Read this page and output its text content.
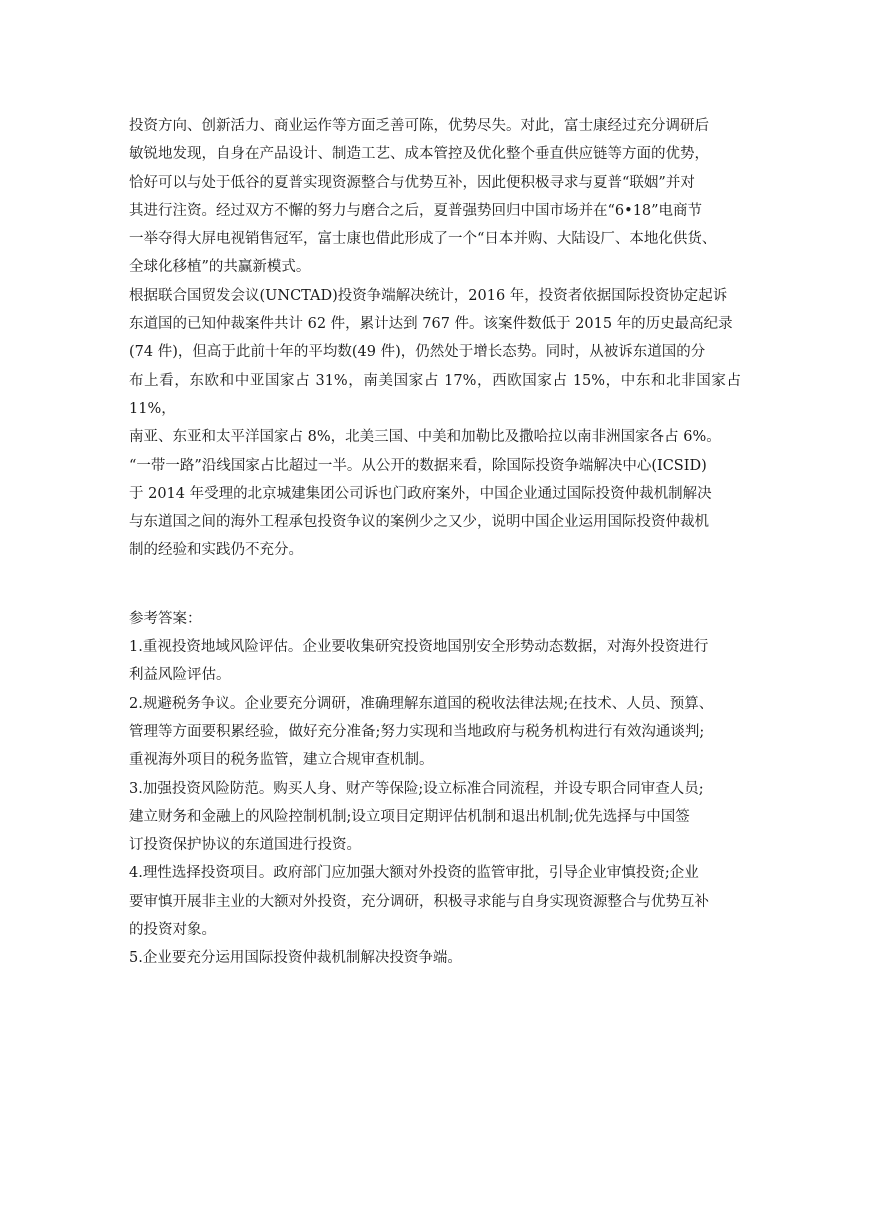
投资方向、创新活力、商业运作等方面乏善可陈，优势尽失。对此，富士康经过充分调研后

敏锐地发现，自身在产品设计、制造工艺、成本管控及优化整个垂直供应链等方面的优势，

恰好可以与处于低谷的夏普实现资源整合与优势互补，因此便积极寻求与夏普“联姻”并对

其进行注资。经过双方不懈的努力与磨合之后，夏普强势回归中国市场并在“6•18”电商节

一举夺得大屏电视销售冠军，富士康也借此形成了一个“日本并购、大陆设厂、本地化供货、

全球化移植”的共赢新模式。

根据联合国贸发会议(UNCTAD)投资争端解决统计，2016 年，投资者依据国际投资协定起诉

东道国的已知仲裁案件共计 62 件，累计达到 767 件。该案件数低于 2015 年的历史最高纪录

(74 件)，但高于此前十年的平均数(49 件)，仍然处于增长态势。同时，从被诉东道国的分

布上看，东欧和中亚国家占 31%，南美国家占 17%，西欧国家占 15%，中东和北非国家占 11%，

南亚、东亚和太平洋国家占 8%，北美三国、中美和加勒比及撒哈拉以南非洲国家各占 6%。

“一带一路”沿线国家占比超过一半。从公开的数据来看，除国际投资争端解决中心(ICSID)

于 2014 年受理的北京城建集团公司诉也门政府案外，中国企业通过国际投资仲裁机制解决

与东道国之间的海外工程承包投资争议的案例少之又少，说明中国企业运用国际投资仲裁机

制的经验和实践仍不充分。

参考答案：

1.重视投资地域风险评估。企业要收集研究投资地国别安全形势动态数据，对海外投资进行

利益风险评估。

2.规避税务争议。企业要充分调研，准确理解东道国的税收法律法规;在技术、人员、预算、

管理等方面要积累经验，做好充分准备;努力实现和当地政府与税务机构进行有效沟通谈判;

重视海外项目的税务监管，建立合规审查机制。

3.加强投资风险防范。购买人身、财产等保险;设立标准合同流程，并设专职合同审查人员;

建立财务和金融上的风险控制机制;设立项目定期评估机制和退出机制;优先选择与中国签

订投资保护协议的东道国进行投资。

4.理性选择投资项目。政府部门应加强大额对外投资的监管审批，引导企业审慎投资;企业

要审慎开展非主业的大额对外投资，充分调研，积极寻求能与自身实现资源整合与优势互补

的投资对象。

5.企业要充分运用国际投资仲裁机制解决投资争端。
